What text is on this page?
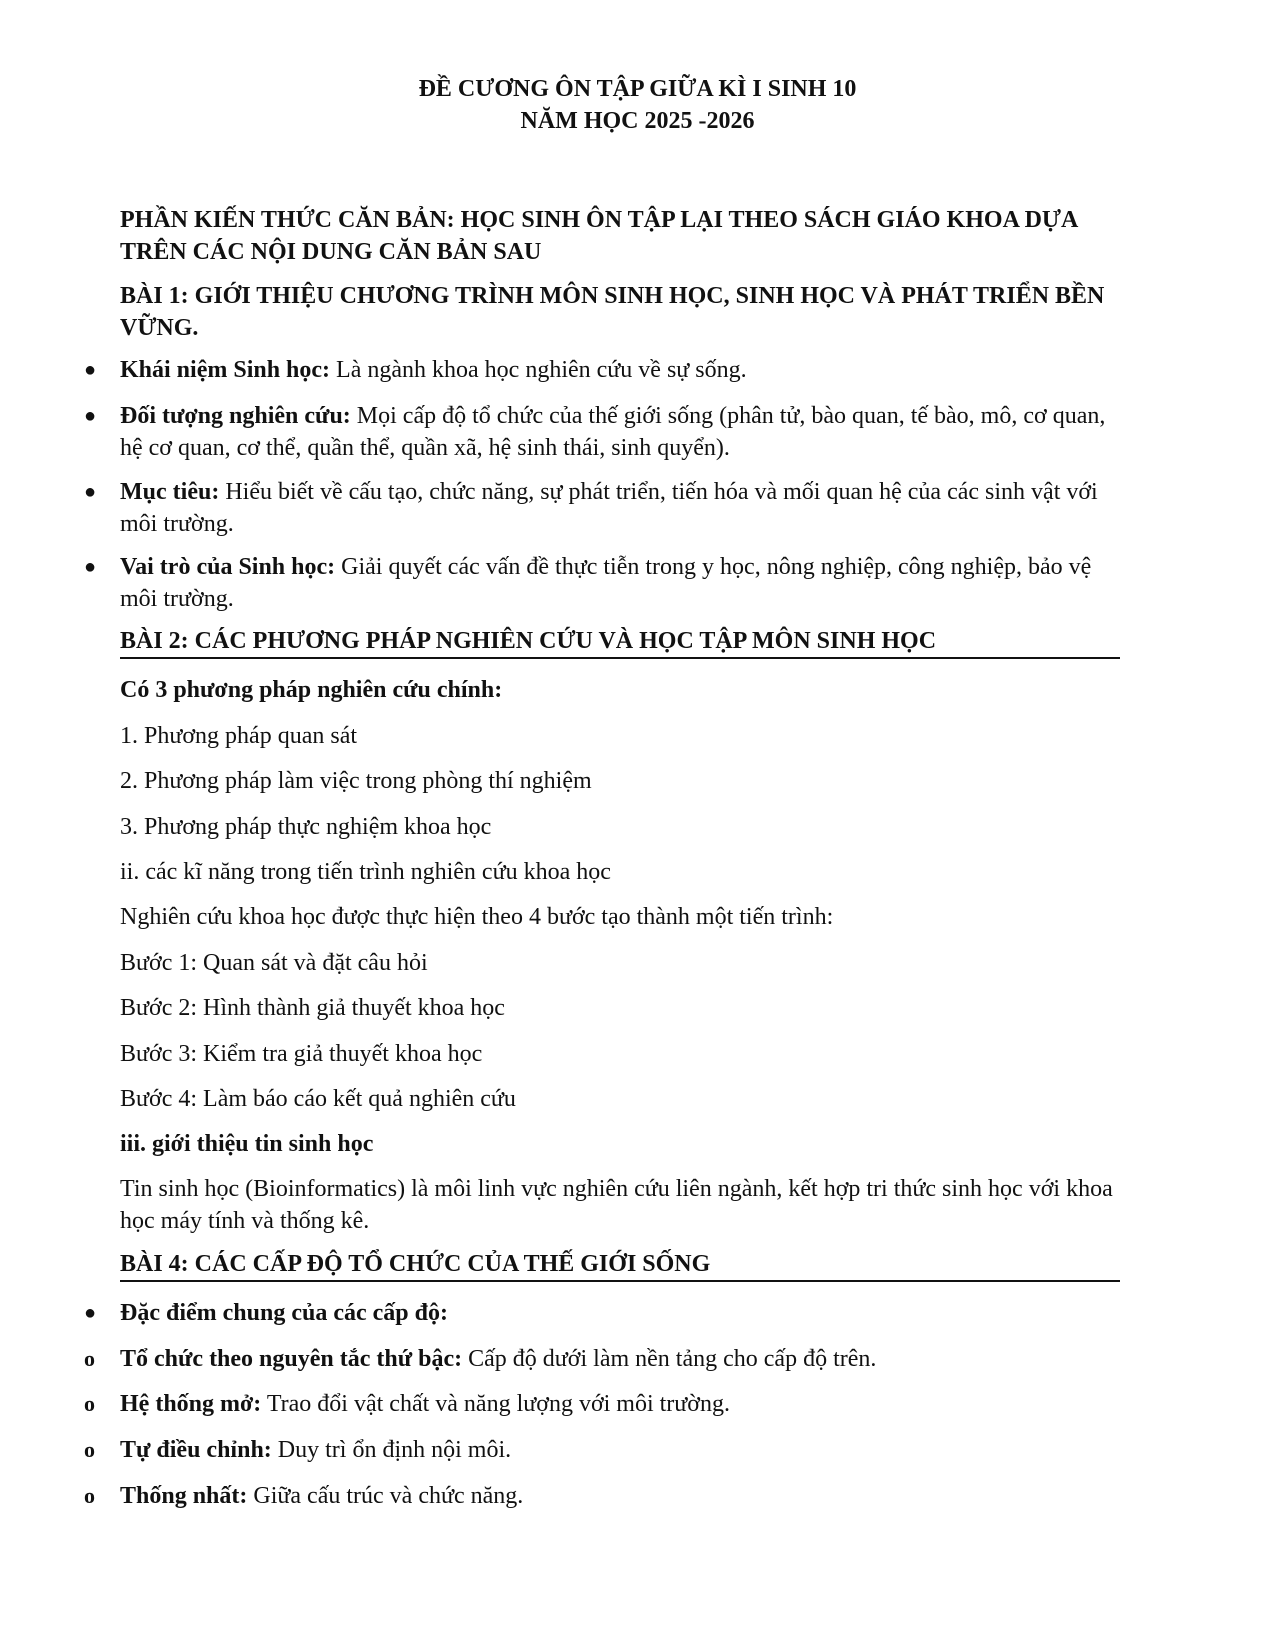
ĐỀ CƯƠNG ÔN TẬP GIỮA KÌ I SINH 10
NĂM HỌC 2025 -2026
PHẦN KIẾN THỨC CĂN BẢN: HỌC SINH ÔN TẬP LẠI THEO SÁCH GIÁO KHOA DỰA TRÊN CÁC NỘI DUNG CĂN BẢN SAU
BÀI 1: GIỚI THIỆU CHƯƠNG TRÌNH MÔN SINH HỌC, SINH HỌC VÀ PHÁT TRIỂN BỀN VỮNG.
● Khái niệm Sinh học: Là ngành khoa học nghiên cứu về sự sống.
● Đối tượng nghiên cứu: Mọi cấp độ tổ chức của thế giới sống (phân tử, bào quan, tế bào, mô, cơ quan, hệ cơ quan, cơ thể, quần thể, quần xã, hệ sinh thái, sinh quyển).
● Mục tiêu: Hiểu biết về cấu tạo, chức năng, sự phát triển, tiến hóa và mối quan hệ của các sinh vật với môi trường.
● Vai trò của Sinh học: Giải quyết các vấn đề thực tiễn trong y học, nông nghiệp, công nghiệp, bảo vệ môi trường.
BÀI 2: CÁC PHƯƠNG PHÁP NGHIÊN CỨU VÀ HỌC TẬP MÔN SINH HỌC
Có 3 phương pháp nghiên cứu chính:
1. Phương pháp quan sát
2. Phương pháp làm việc trong phòng thí nghiệm
3. Phương pháp thực nghiệm khoa học
ii. các kĩ năng trong tiến trình nghiên cứu khoa học
Nghiên cứu khoa học được thực hiện theo 4 bước tạo thành một tiến trình:
Bước 1: Quan sát và đặt câu hỏi
Bước 2: Hình thành giả thuyết khoa học
Bước 3: Kiểm tra giả thuyết khoa học
Bước 4: Làm báo cáo kết quả nghiên cứu
iii. giới thiệu tin sinh học
Tin sinh học (Bioinformatics) là môi linh vực nghiên cứu liên ngành, kết hợp tri thức sinh học với khoa học máy tính và thống kê.
BÀI 4: CÁC CẤP ĐỘ TỔ CHỨC CỦA THẾ GIỚI SỐNG
● Đặc điểm chung của các cấp độ:
o Tổ chức theo nguyên tắc thứ bậc: Cấp độ dưới làm nền tảng cho cấp độ trên.
o Hệ thống mở: Trao đổi vật chất và năng lượng với môi trường.
o Tự điều chỉnh: Duy trì ổn định nội môi.
o Thống nhất: Giữa cấu trúc và chức năng.
